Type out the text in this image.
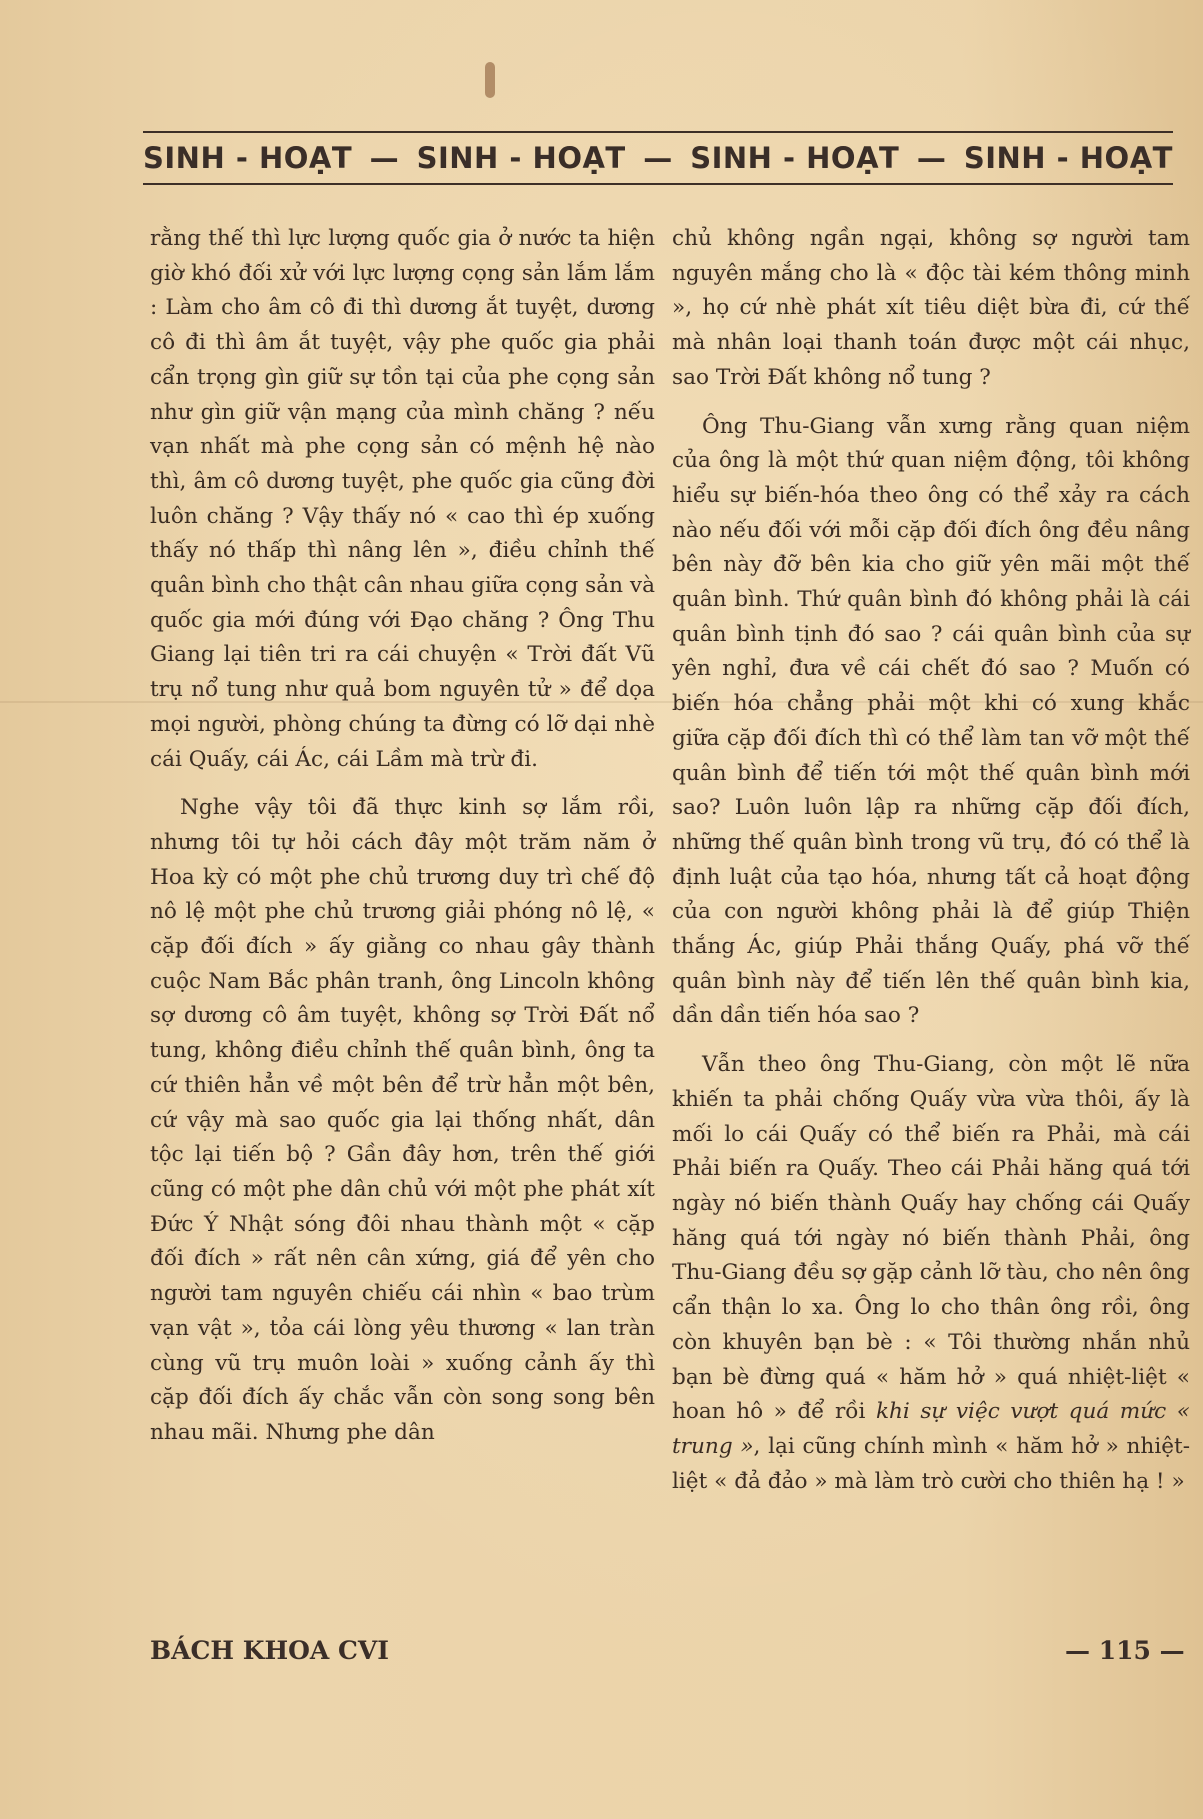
SINH - HOẠT — SINH - HOẠT — SINH - HOẠT — SINH - HOẠT

rằng thế thì lực lượng quốc gia ở nước ta hiện giờ khó đối xử với lực lượng cọng sản lắm lắm : Làm cho âm cô đi thì dương ắt tuyệt, dương cô đi thì âm ắt tuyệt, vậy phe quốc gia phải cẩn trọng gìn giữ sự tồn tại của phe cọng sản như gìn giữ vận mạng của mình chăng ? nếu vạn nhất mà phe cọng sản có mệnh hệ nào thì, âm cô dương tuyệt, phe quốc gia cũng đời luôn chăng ? Vậy thấy nó « cao thì ép xuống thấy nó thấp thì nâng lên », điều chỉnh thế quân bình cho thật cân nhau giữa cọng sản và quốc gia mới đúng với Đạo chăng ? Ông Thu Giang lại tiên tri ra cái chuyện « Trời đất Vũ trụ nổ tung như quả bom nguyên tử » để dọa mọi người, phòng chúng ta đừng có lỡ dại nhè cái Quấy, cái Ác, cái Lầm mà trừ đi.

Nghe vậy tôi đã thực kinh sợ lắm rồi, nhưng tôi tự hỏi cách đây một trăm năm ở Hoa kỳ có một phe chủ trương duy trì chế độ nô lệ một phe chủ trương giải phóng nô lệ, « cặp đối đích » ấy giằng co nhau gây thành cuộc Nam Bắc phân tranh, ông Lincoln không sợ dương cô âm tuyệt, không sợ Trời Đất nổ tung, không điều chỉnh thế quân bình, ông ta cứ thiên hẳn về một bên để trừ hẳn một bên, cứ vậy mà sao quốc gia lại thống nhất, dân tộc lại tiến bộ ? Gần đây hơn, trên thế giới cũng có một phe dân chủ với một phe phát xít Đức Ý Nhật sóng đôi nhau thành một « cặp đối đích » rất nên cân xứng, giá để yên cho người tam nguyên chiếu cái nhìn « bao trùm vạn vật », tỏa cái lòng yêu thương « lan tràn cùng vũ trụ muôn loài » xuống cảnh ấy thì cặp đối đích ấy chắc vẫn còn song song bên nhau mãi. Nhưng phe dân

chủ không ngần ngại, không sợ người tam nguyên mắng cho là « độc tài kém thông minh », họ cứ nhè phát xít tiêu diệt bừa đi, cứ thế mà nhân loại thanh toán được một cái nhục, sao Trời Đất không nổ tung ?

Ông Thu-Giang vẫn xưng rằng quan niệm của ông là một thứ quan niệm động, tôi không hiểu sự biến-hóa theo ông có thể xảy ra cách nào nếu đối với mỗi cặp đối đích ông đều nâng bên này đỡ bên kia cho giữ yên mãi một thế quân bình. Thứ quân bình đó không phải là cái quân bình tịnh đó sao ? cái quân bình của sự yên nghỉ, đưa về cái chết đó sao ? Muốn có biến hóa chẳng phải một khi có xung khắc giữa cặp đối đích thì có thể làm tan vỡ một thế quân bình để tiến tới một thế quân bình mới sao? Luôn luôn lập ra những cặp đối đích, những thế quân bình trong vũ trụ, đó có thể là định luật của tạo hóa, nhưng tất cả hoạt động của con người không phải là để giúp Thiện thắng Ác, giúp Phải thắng Quấy, phá vỡ thế quân bình này để tiến lên thế quân bình kia, dần dần tiến hóa sao ?

Vẫn theo ông Thu-Giang, còn một lẽ nữa khiến ta phải chống Quấy vừa vừa thôi, ấy là mối lo cái Quấy có thể biến ra Phải, mà cái Phải biến ra Quấy. Theo cái Phải hăng quá tới ngày nó biến thành Quấy hay chống cái Quấy hăng quá tới ngày nó biến thành Phải, ông Thu-Giang đều sợ gặp cảnh lỡ tàu, cho nên ông cẩn thận lo xa. Ông lo cho thân ông rồi, ông còn khuyên bạn bè : « Tôi thường nhắn nhủ bạn bè đừng quá « hăm hở » quá nhiệt-liệt « hoan hô » để rồi khi sự việc vượt quá mức « trung », lại cũng chính mình « hăm hở » nhiệt-liệt « đả đảo » mà làm trò cười cho thiên hạ ! »

BÁCH KHOA CVI	— 115 —
